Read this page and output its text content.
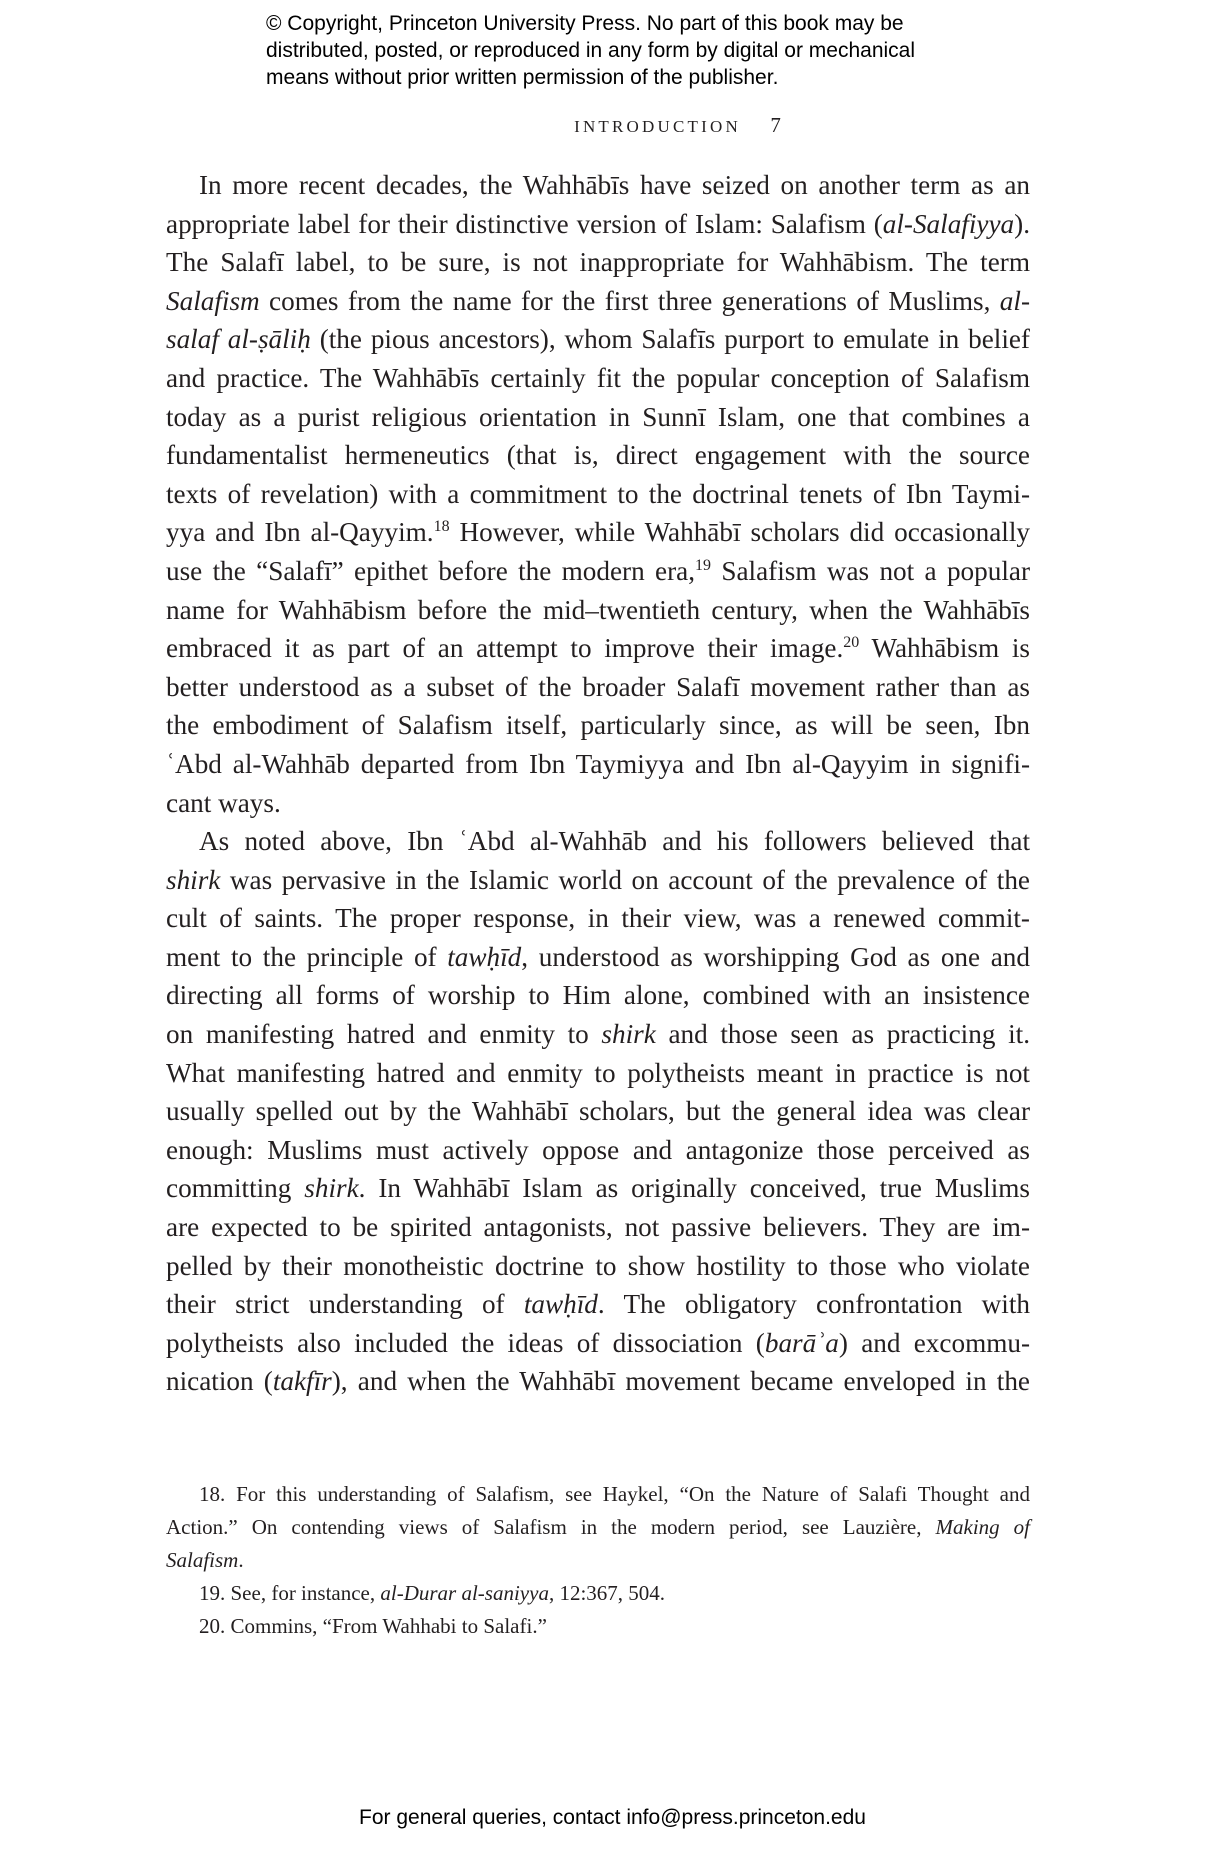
© Copyright, Princeton University Press. No part of this book may be
distributed, posted, or reproduced in any form by digital or mechanical
means without prior written permission of the publisher.
INTRODUCTION 7
In more recent decades, the Wahhābīs have seized on another term as an
appropriate label for their distinctive version of Islam: Salafism (al-Salafiyya).
The Salafī label, to be sure, is not inappropriate for Wahhābism. The term
Salafism comes from the name for the first three generations of Muslims, al-
salaf al-ṣāliḥ (the pious ancestors), whom Salafīs purport to emulate in belief
and practice. The Wahhābīs certainly fit the popular conception of Salafism
today as a purist religious orientation in Sunnī Islam, one that combines a
fundamentalist hermeneutics (that is, direct engagement with the source
texts of revelation) with a commitment to the doctrinal tenets of Ibn Taymi-
yya and Ibn al-Qayyim.$^{18}$ However, while Wahhābī scholars did occasionally
use the “Salafī” epithet before the modern era,$^{19}$ Salafism was not a popular
name for Wahhābism before the mid–twentieth century, when the Wahhābīs
embraced it as part of an attempt to improve their image.$^{20}$ Wahhābism is
better understood as a subset of the broader Salafī movement rather than as
the embodiment of Salafism itself, particularly since, as will be seen, Ibn
ʿAbd al-Wahhāb departed from Ibn Taymiyya and Ibn al-Qayyim in signifi-
cant ways.
As noted above, Ibn ʿAbd al-Wahhāb and his followers believed that
shirk was pervasive in the Islamic world on account of the prevalence of the
cult of saints. The proper response, in their view, was a renewed commit-
ment to the principle of tawḥīd, understood as worshipping God as one and
directing all forms of worship to Him alone, combined with an insistence
on manifesting hatred and enmity to shirk and those seen as practicing it.
What manifesting hatred and enmity to polytheists meant in practice is not
usually spelled out by the Wahhābī scholars, but the general idea was clear
enough: Muslims must actively oppose and antagonize those perceived as
committing shirk. In Wahhābī Islam as originally conceived, true Muslims
are expected to be spirited antagonists, not passive believers. They are im-
pelled by their monotheistic doctrine to show hostility to those who violate
their strict understanding of tawḥīd. The obligatory confrontation with
polytheists also included the ideas of dissociation (barāʾa) and excommu-
nication (takfīr), and when the Wahhābī movement became enveloped in the
18. For this understanding of Salafism, see Haykel, “On the Nature of Salafi Thought and
Action.” On contending views of Salafism in the modern period, see Lauzière, Making of
Salafism.
19. See, for instance, al-Durar al-saniyya, 12:367, 504.
20. Commins, “From Wahhabi to Salafi.”
For general queries, contact info@press.princeton.edu
